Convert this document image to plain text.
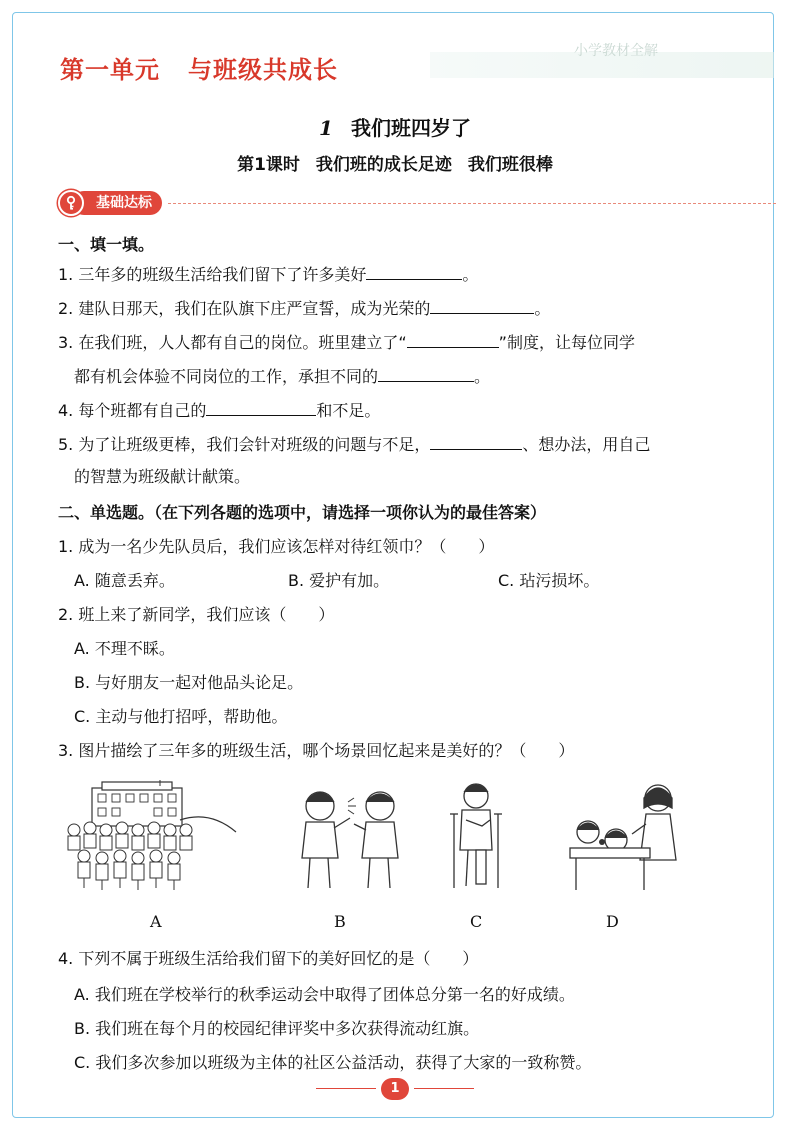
小学教材全解
第一单元 与班级共成长
1 我们班四岁了
第1课时 我们班的成长足迹 我们班很棒
基础达标
一、填一填。
1. 三年多的班级生活给我们留下了许多美好	。
2. 建队日那天，我们在队旗下庄严宣誓，成为光荣的	。
3. 在我们班，人人都有自己的岗位。班里建立了“	”制度，让每位同学
都有机会体验不同岗位的工作，承担不同的	。
4. 每个班都有自己的	和不足。
5. 为了让班级更棒，我们会针对班级的问题与不足，	、想办法，用自己
的智慧为班级献计献策。
二、单选题。（在下列各题的选项中，请选择一项你认为的最佳答案）
1. 成为一名少先队员后，我们应该怎样对待红领巾？（　　）
A. 随意丢弃。	B. 爱护有加。	C. 玷污损坏。
2. 班上来了新同学，我们应该（　　）
A. 不理不睬。
B. 与好朋友一起对他品头论足。
C. 主动与他打招呼，帮助他。
3. 图片描绘了三年多的班级生活，哪个场景回忆起来是美好的？（　　）
A	B	C	D
4. 下列不属于班级生活给我们留下的美好回忆的是（　　）
A. 我们班在学校举行的秋季运动会中取得了团体总分第一名的好成绩。
B. 我们班在每个月的校园纪律评奖中多次获得流动红旗。
C. 我们多次参加以班级为主体的社区公益活动，获得了大家的一致称赞。
1
